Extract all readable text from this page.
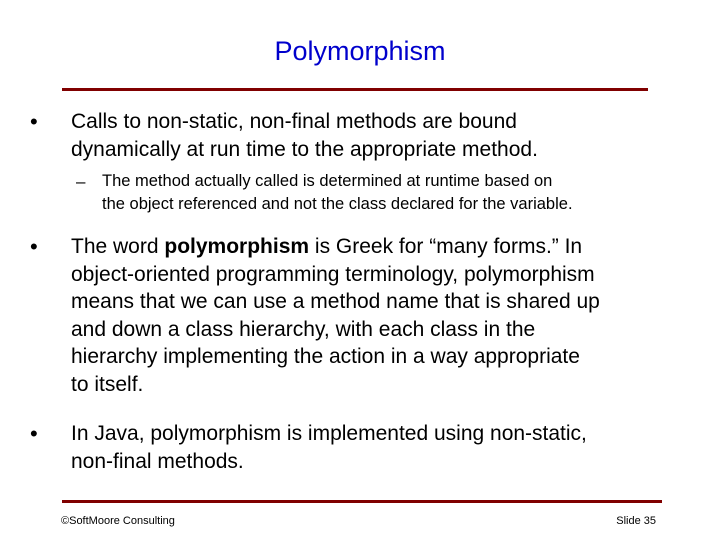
Polymorphism
• Calls to non-static, non-final methods are bound
dynamically at run time to the appropriate method.
– The method actually called is determined at runtime based on
the object referenced and not the class declared for the variable.
• The word polymorphism is Greek for “many forms.” In
object-oriented programming terminology, polymorphism
means that we can use a method name that is shared up
and down a class hierarchy, with each class in the
hierarchy implementing the action in a way appropriate
to itself.
• In Java, polymorphism is implemented using non-static,
non-final methods.
©SoftMoore Consulting	Slide 35
